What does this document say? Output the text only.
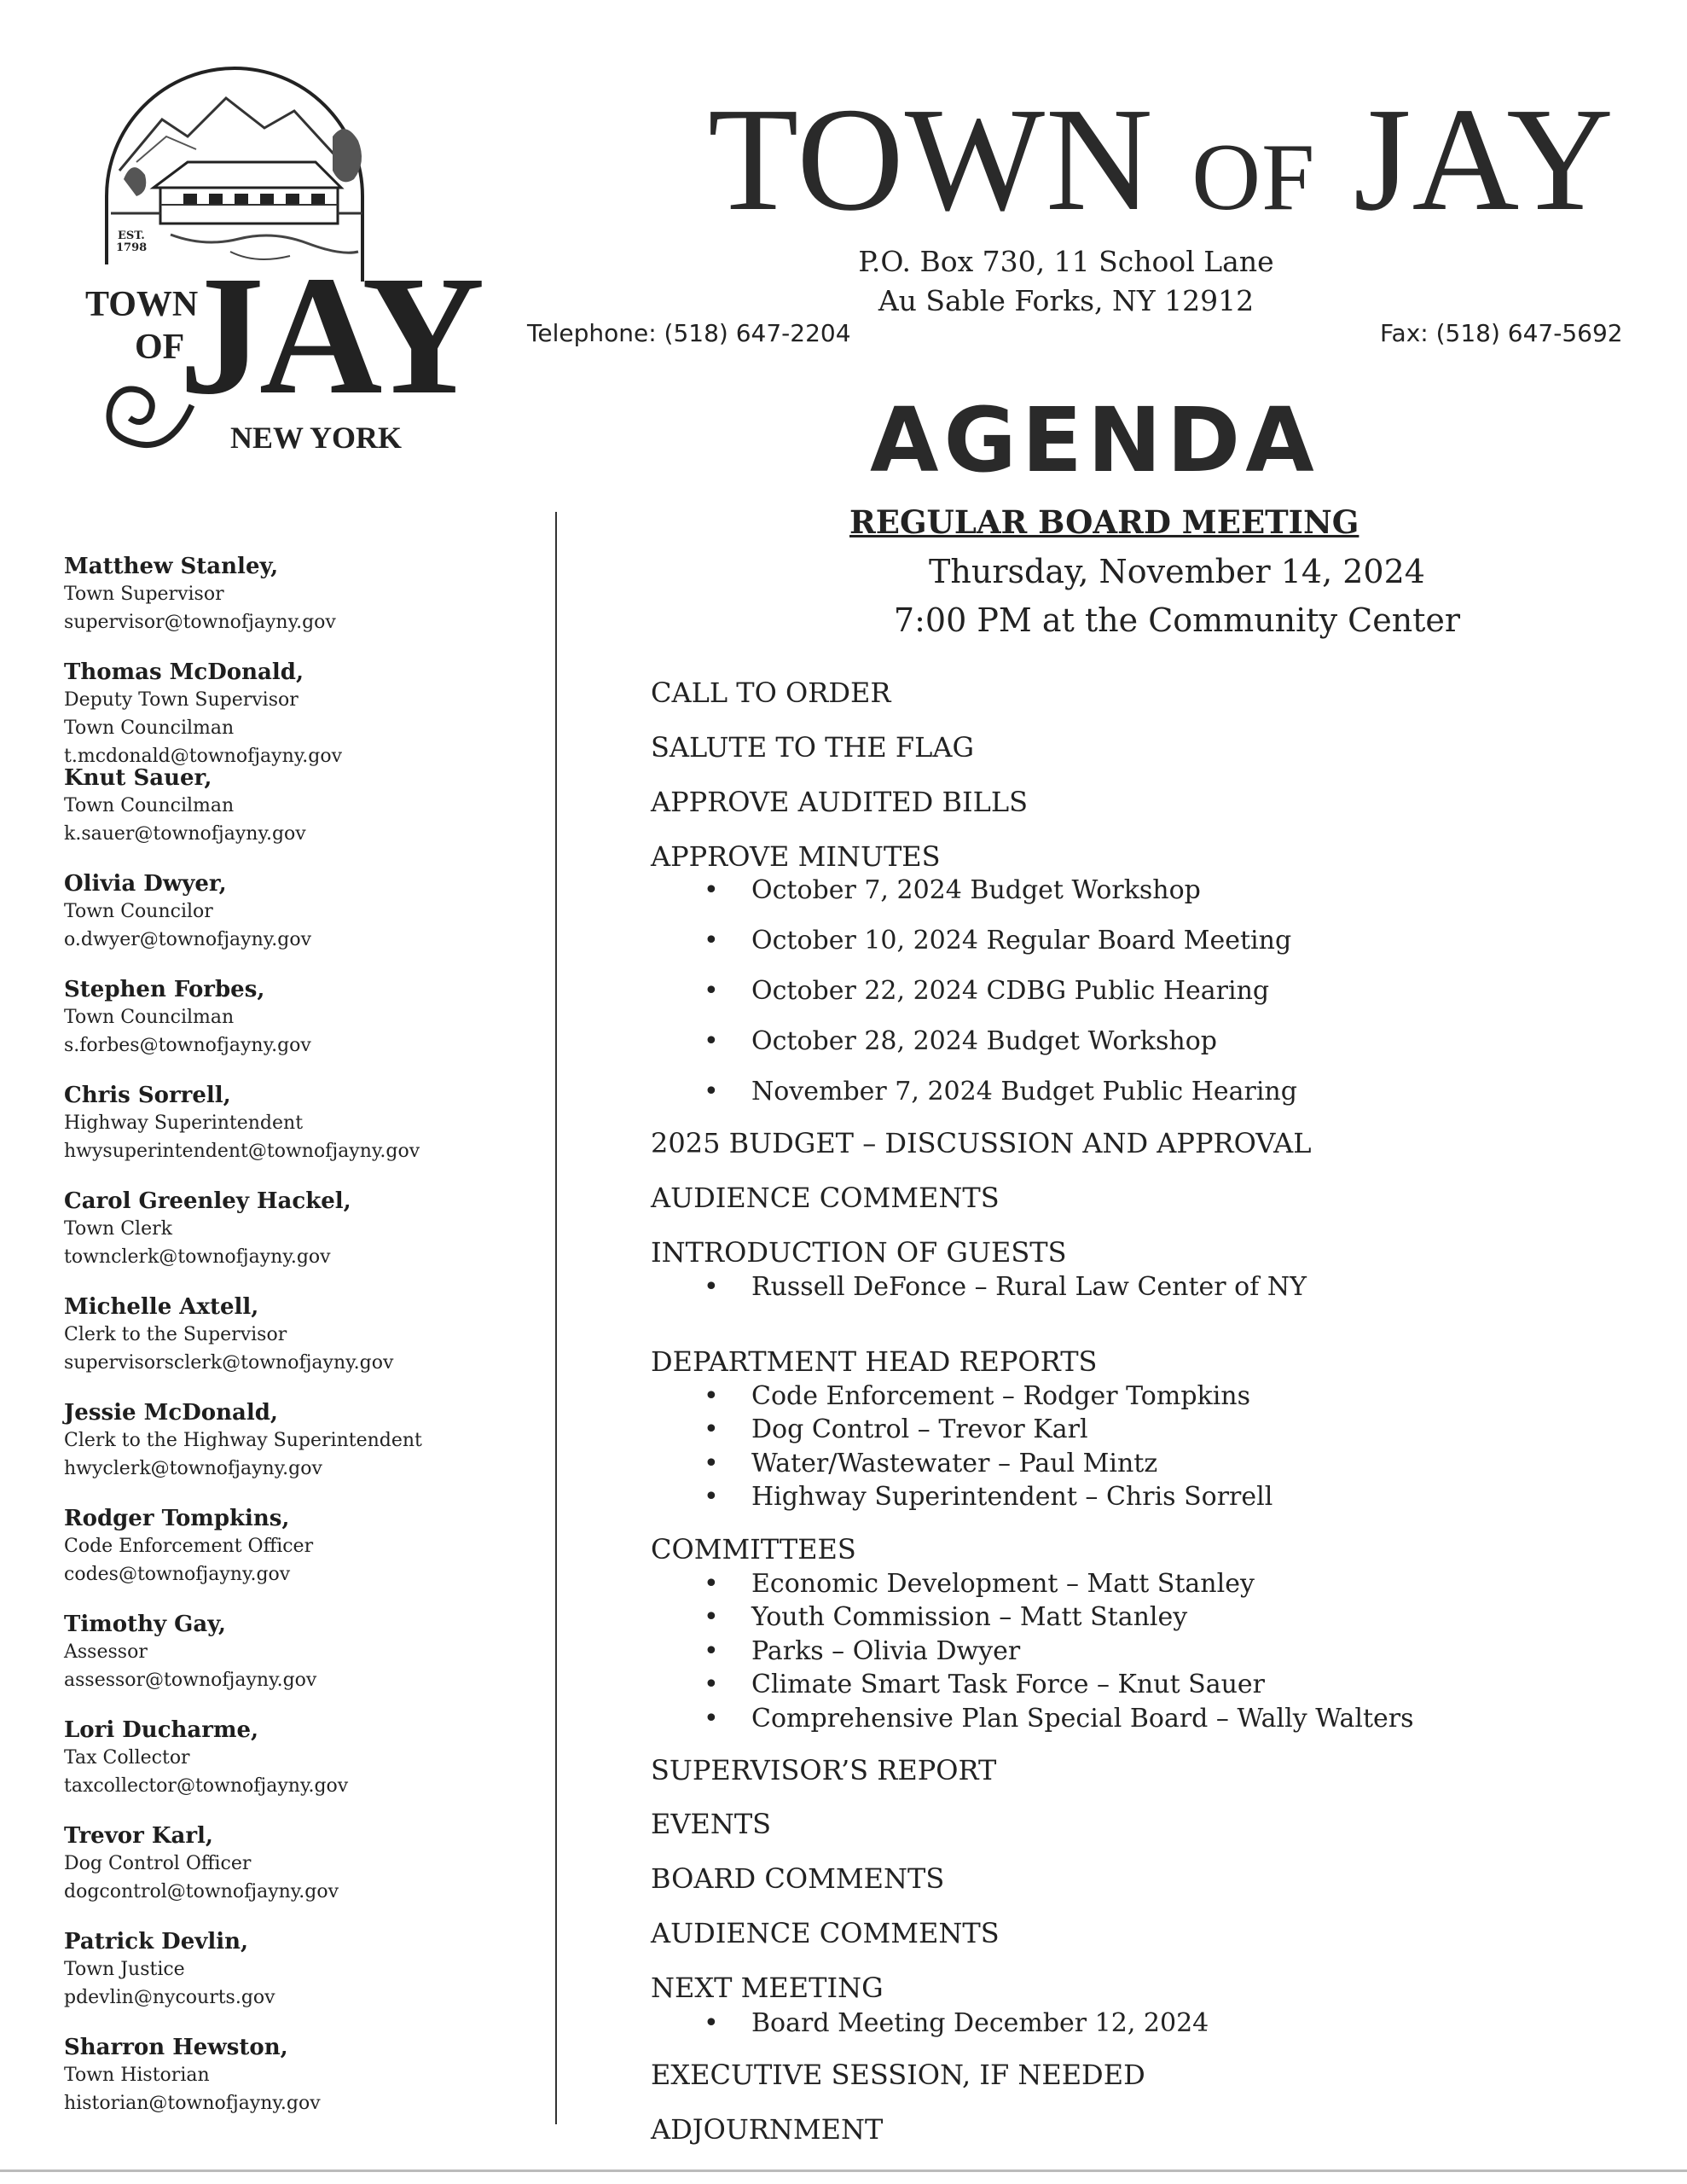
EST.
1798
TOWN
OF
JAY
NEW YORK
TOWN OF JAY
P.O. Box 730, 11 School Lane
Au Sable Forks, NY 12912
Telephone: (518) 647-2204	Fax: (518) 647-5692
AGENDA
REGULAR BOARD MEETING
Thursday, November 14, 2024
7:00 PM at the Community Center
Matthew Stanley,
Town Supervisor
supervisor@townofjayny.gov
Thomas McDonald,
Deputy Town Supervisor
Town Councilman
t.mcdonald@townofjayny.gov
Knut Sauer,
Town Councilman
k.sauer@townofjayny.gov
Olivia Dwyer,
Town Councilor
o.dwyer@townofjayny.gov
Stephen Forbes,
Town Councilman
s.forbes@townofjayny.gov
Chris Sorrell,
Highway Superintendent
hwysuperintendent@townofjayny.gov
Carol Greenley Hackel,
Town Clerk
townclerk@townofjayny.gov
Michelle Axtell,
Clerk to the Supervisor
supervisorsclerk@townofjayny.gov
Jessie McDonald,
Clerk to the Highway Superintendent
hwyclerk@townofjayny.gov
Rodger Tompkins,
Code Enforcement Officer
codes@townofjayny.gov
Timothy Gay,
Assessor
assessor@townofjayny.gov
Lori Ducharme,
Tax Collector
taxcollector@townofjayny.gov
Trevor Karl,
Dog Control Officer
dogcontrol@townofjayny.gov
Patrick Devlin,
Town Justice
pdevlin@nycourts.gov
Sharron Hewston,
Town Historian
historian@townofjayny.gov
CALL TO ORDER
SALUTE TO THE FLAG
APPROVE AUDITED BILLS
APPROVE MINUTES
• October 7, 2024 Budget Workshop
• October 10, 2024 Regular Board Meeting
• October 22, 2024 CDBG Public Hearing
• October 28, 2024 Budget Workshop
• November 7, 2024 Budget Public Hearing
2025 BUDGET – DISCUSSION AND APPROVAL
AUDIENCE COMMENTS
INTRODUCTION OF GUESTS
• Russell DeFonce – Rural Law Center of NY
DEPARTMENT HEAD REPORTS
• Code Enforcement – Rodger Tompkins
• Dog Control – Trevor Karl
• Water/Wastewater – Paul Mintz
• Highway Superintendent – Chris Sorrell
COMMITTEES
• Economic Development – Matt Stanley
• Youth Commission – Matt Stanley
• Parks – Olivia Dwyer
• Climate Smart Task Force – Knut Sauer
• Comprehensive Plan Special Board – Wally Walters
SUPERVISOR’S REPORT
EVENTS
BOARD COMMENTS
AUDIENCE COMMENTS
NEXT MEETING
• Board Meeting December 12, 2024
EXECUTIVE SESSION, IF NEEDED
ADJOURNMENT
